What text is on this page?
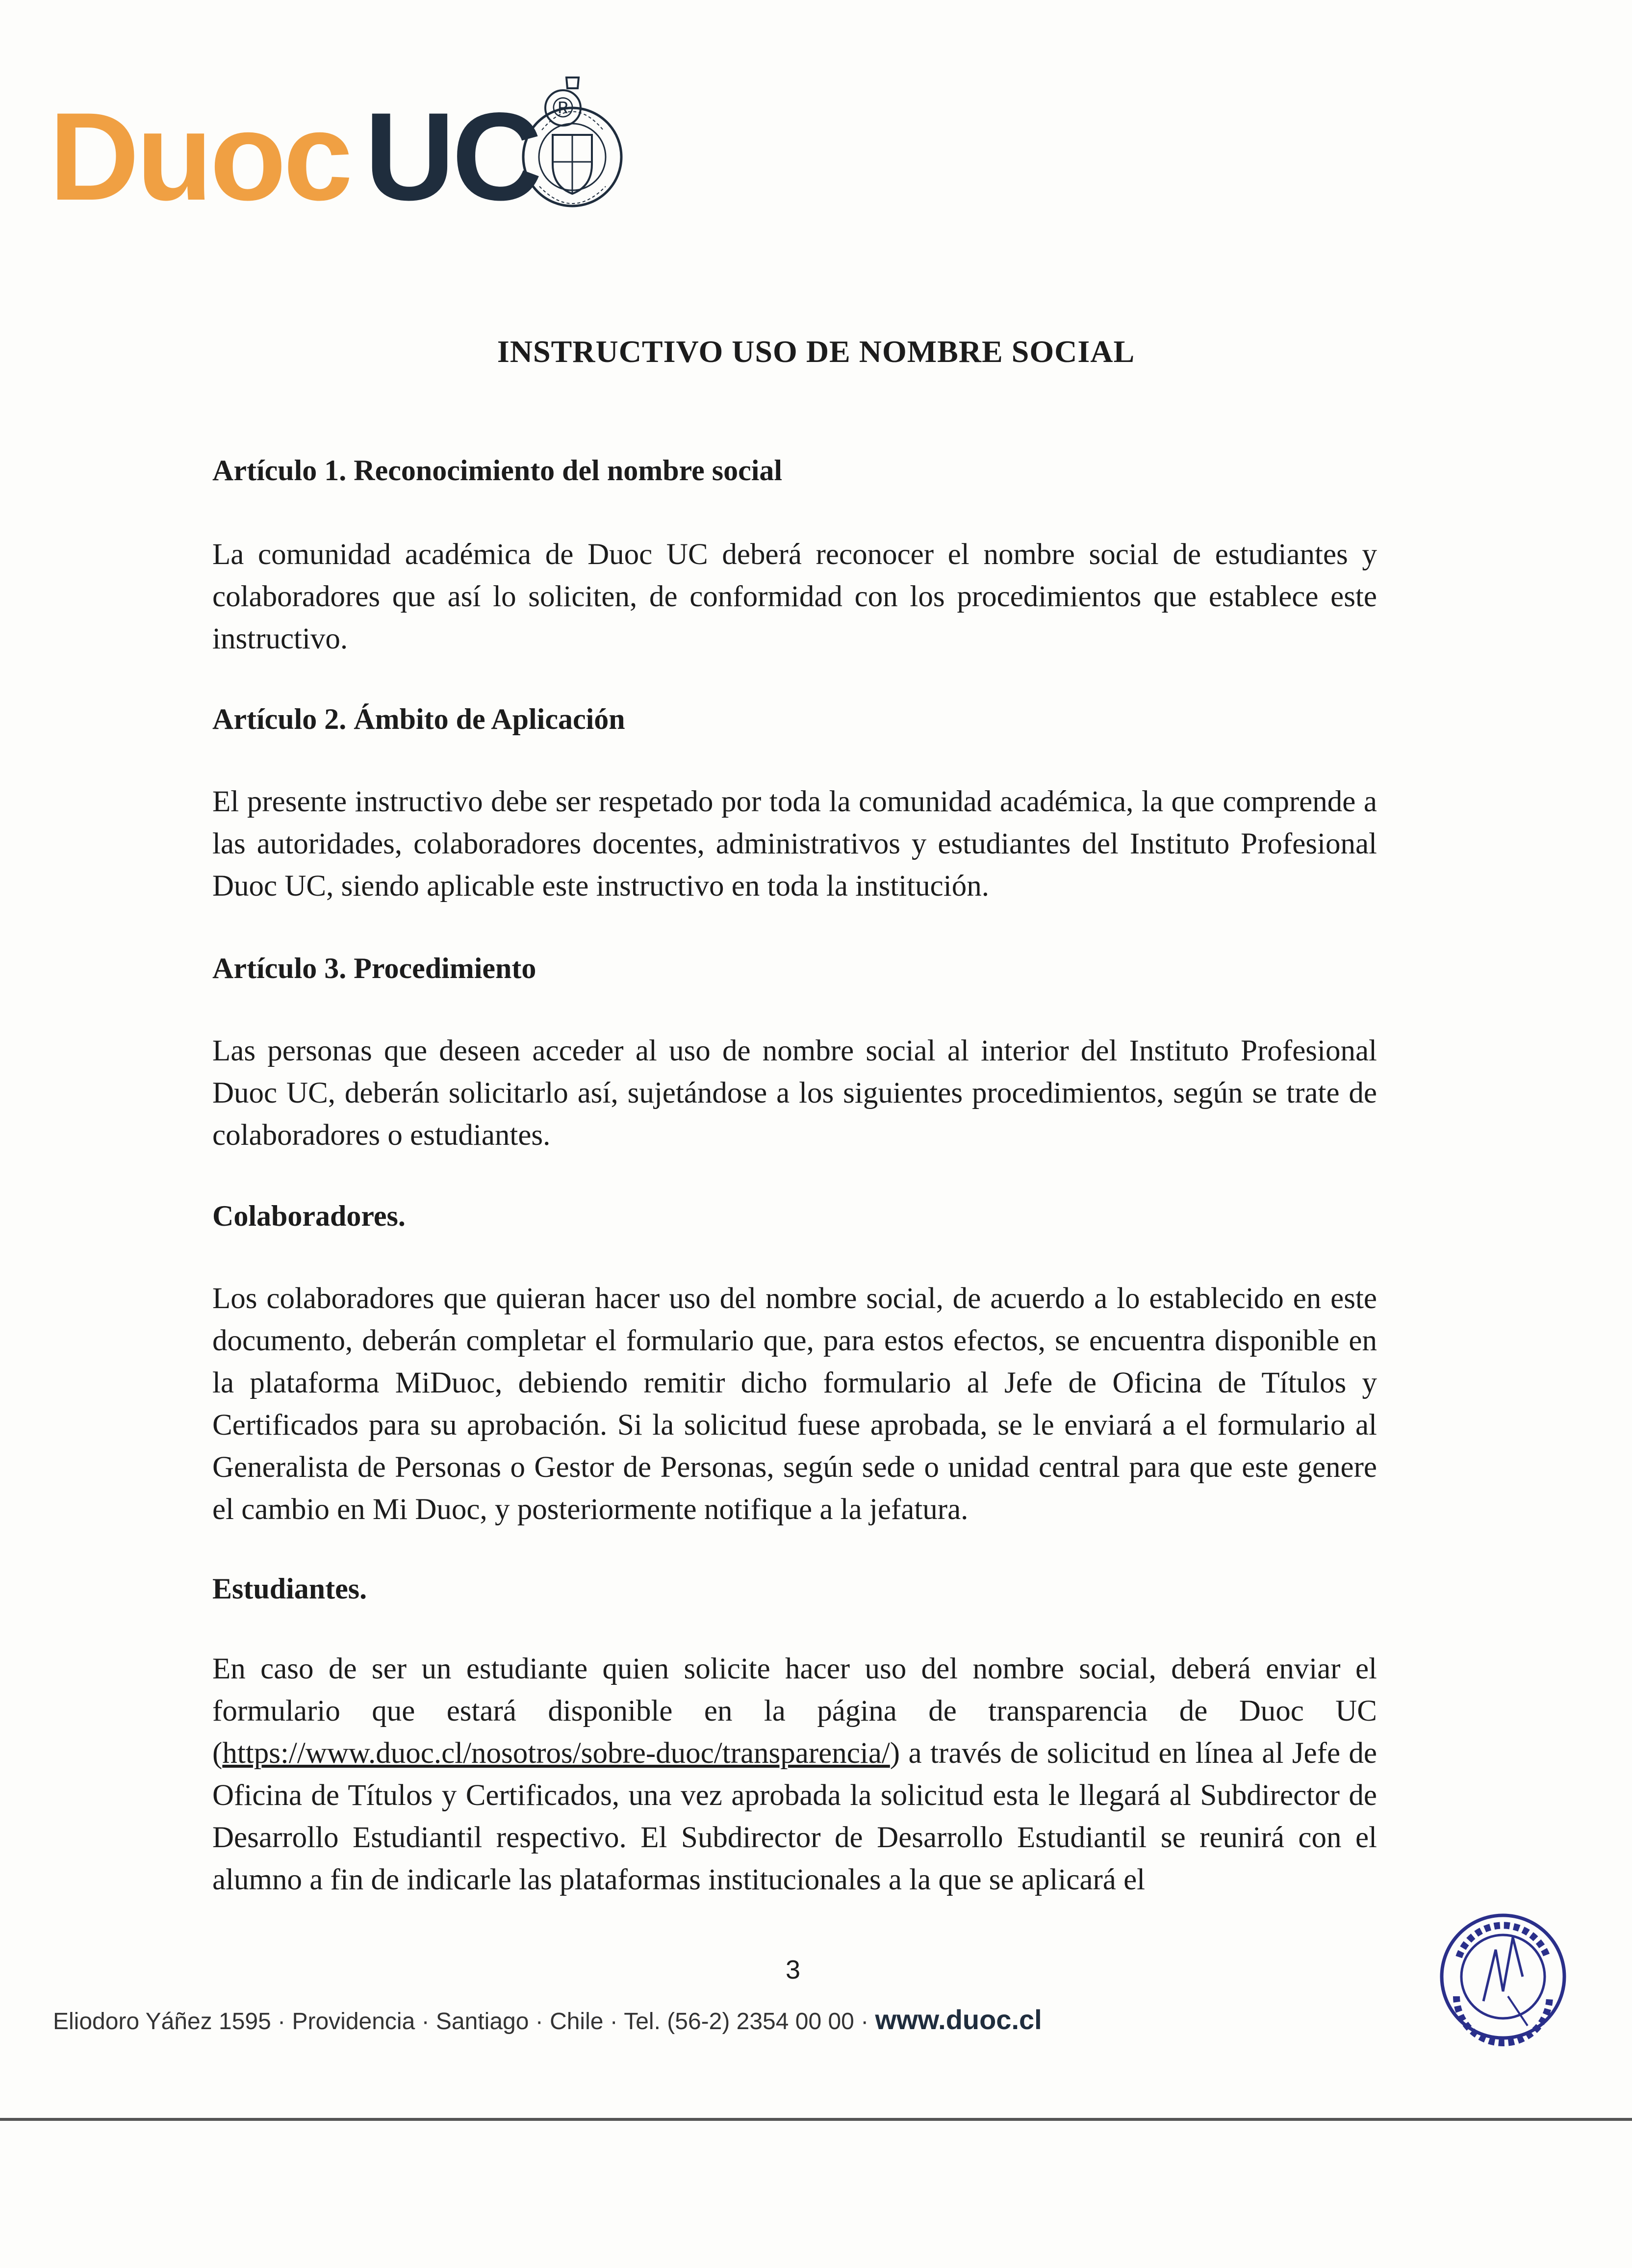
Duoc UC ®
INSTRUCTIVO USO DE NOMBRE SOCIAL
Artículo 1. Reconocimiento del nombre social
La comunidad académica de Duoc UC deberá reconocer el nombre social de estudiantes y colaboradores que así lo soliciten, de conformidad con los procedimientos que establece este instructivo.
Artículo 2. Ámbito de Aplicación
El presente instructivo debe ser respetado por toda la comunidad académica, la que comprende a las autoridades, colaboradores docentes, administrativos y estudiantes del Instituto Profesional Duoc UC, siendo aplicable este instructivo en toda la institución.
Artículo 3. Procedimiento
Las personas que deseen acceder al uso de nombre social al interior del Instituto Profesional Duoc UC, deberán solicitarlo así, sujetándose a los siguientes procedimientos, según se trate de colaboradores o estudiantes.
Colaboradores.
Los colaboradores que quieran hacer uso del nombre social, de acuerdo a lo establecido en este documento, deberán completar el formulario que, para estos efectos, se encuentra disponible en la plataforma MiDuoc, debiendo remitir dicho formulario al Jefe de Oficina de Títulos y Certificados para su aprobación. Si la solicitud fuese aprobada, se le enviará a el formulario al Generalista de Personas o Gestor de Personas, según sede o unidad central para que este genere el cambio en Mi Duoc, y posteriormente notifique a la jefatura.
Estudiantes.
En caso de ser un estudiante quien solicite hacer uso del nombre social, deberá enviar el formulario que estará disponible en la página de transparencia de Duoc UC (https://www.duoc.cl/nosotros/sobre-duoc/transparencia/) a través de solicitud en línea al Jefe de Oficina de Títulos y Certificados, una vez aprobada la solicitud esta le llegará al Subdirector de Desarrollo Estudiantil respectivo. El Subdirector de Desarrollo Estudiantil se reunirá con el alumno a fin de indicarle las plataformas institucionales a la que se aplicará el
3
Eliodoro Yáñez 1595 · Providencia · Santiago · Chile · Tel. (56-2) 2354 00 00 · www.duoc.cl
